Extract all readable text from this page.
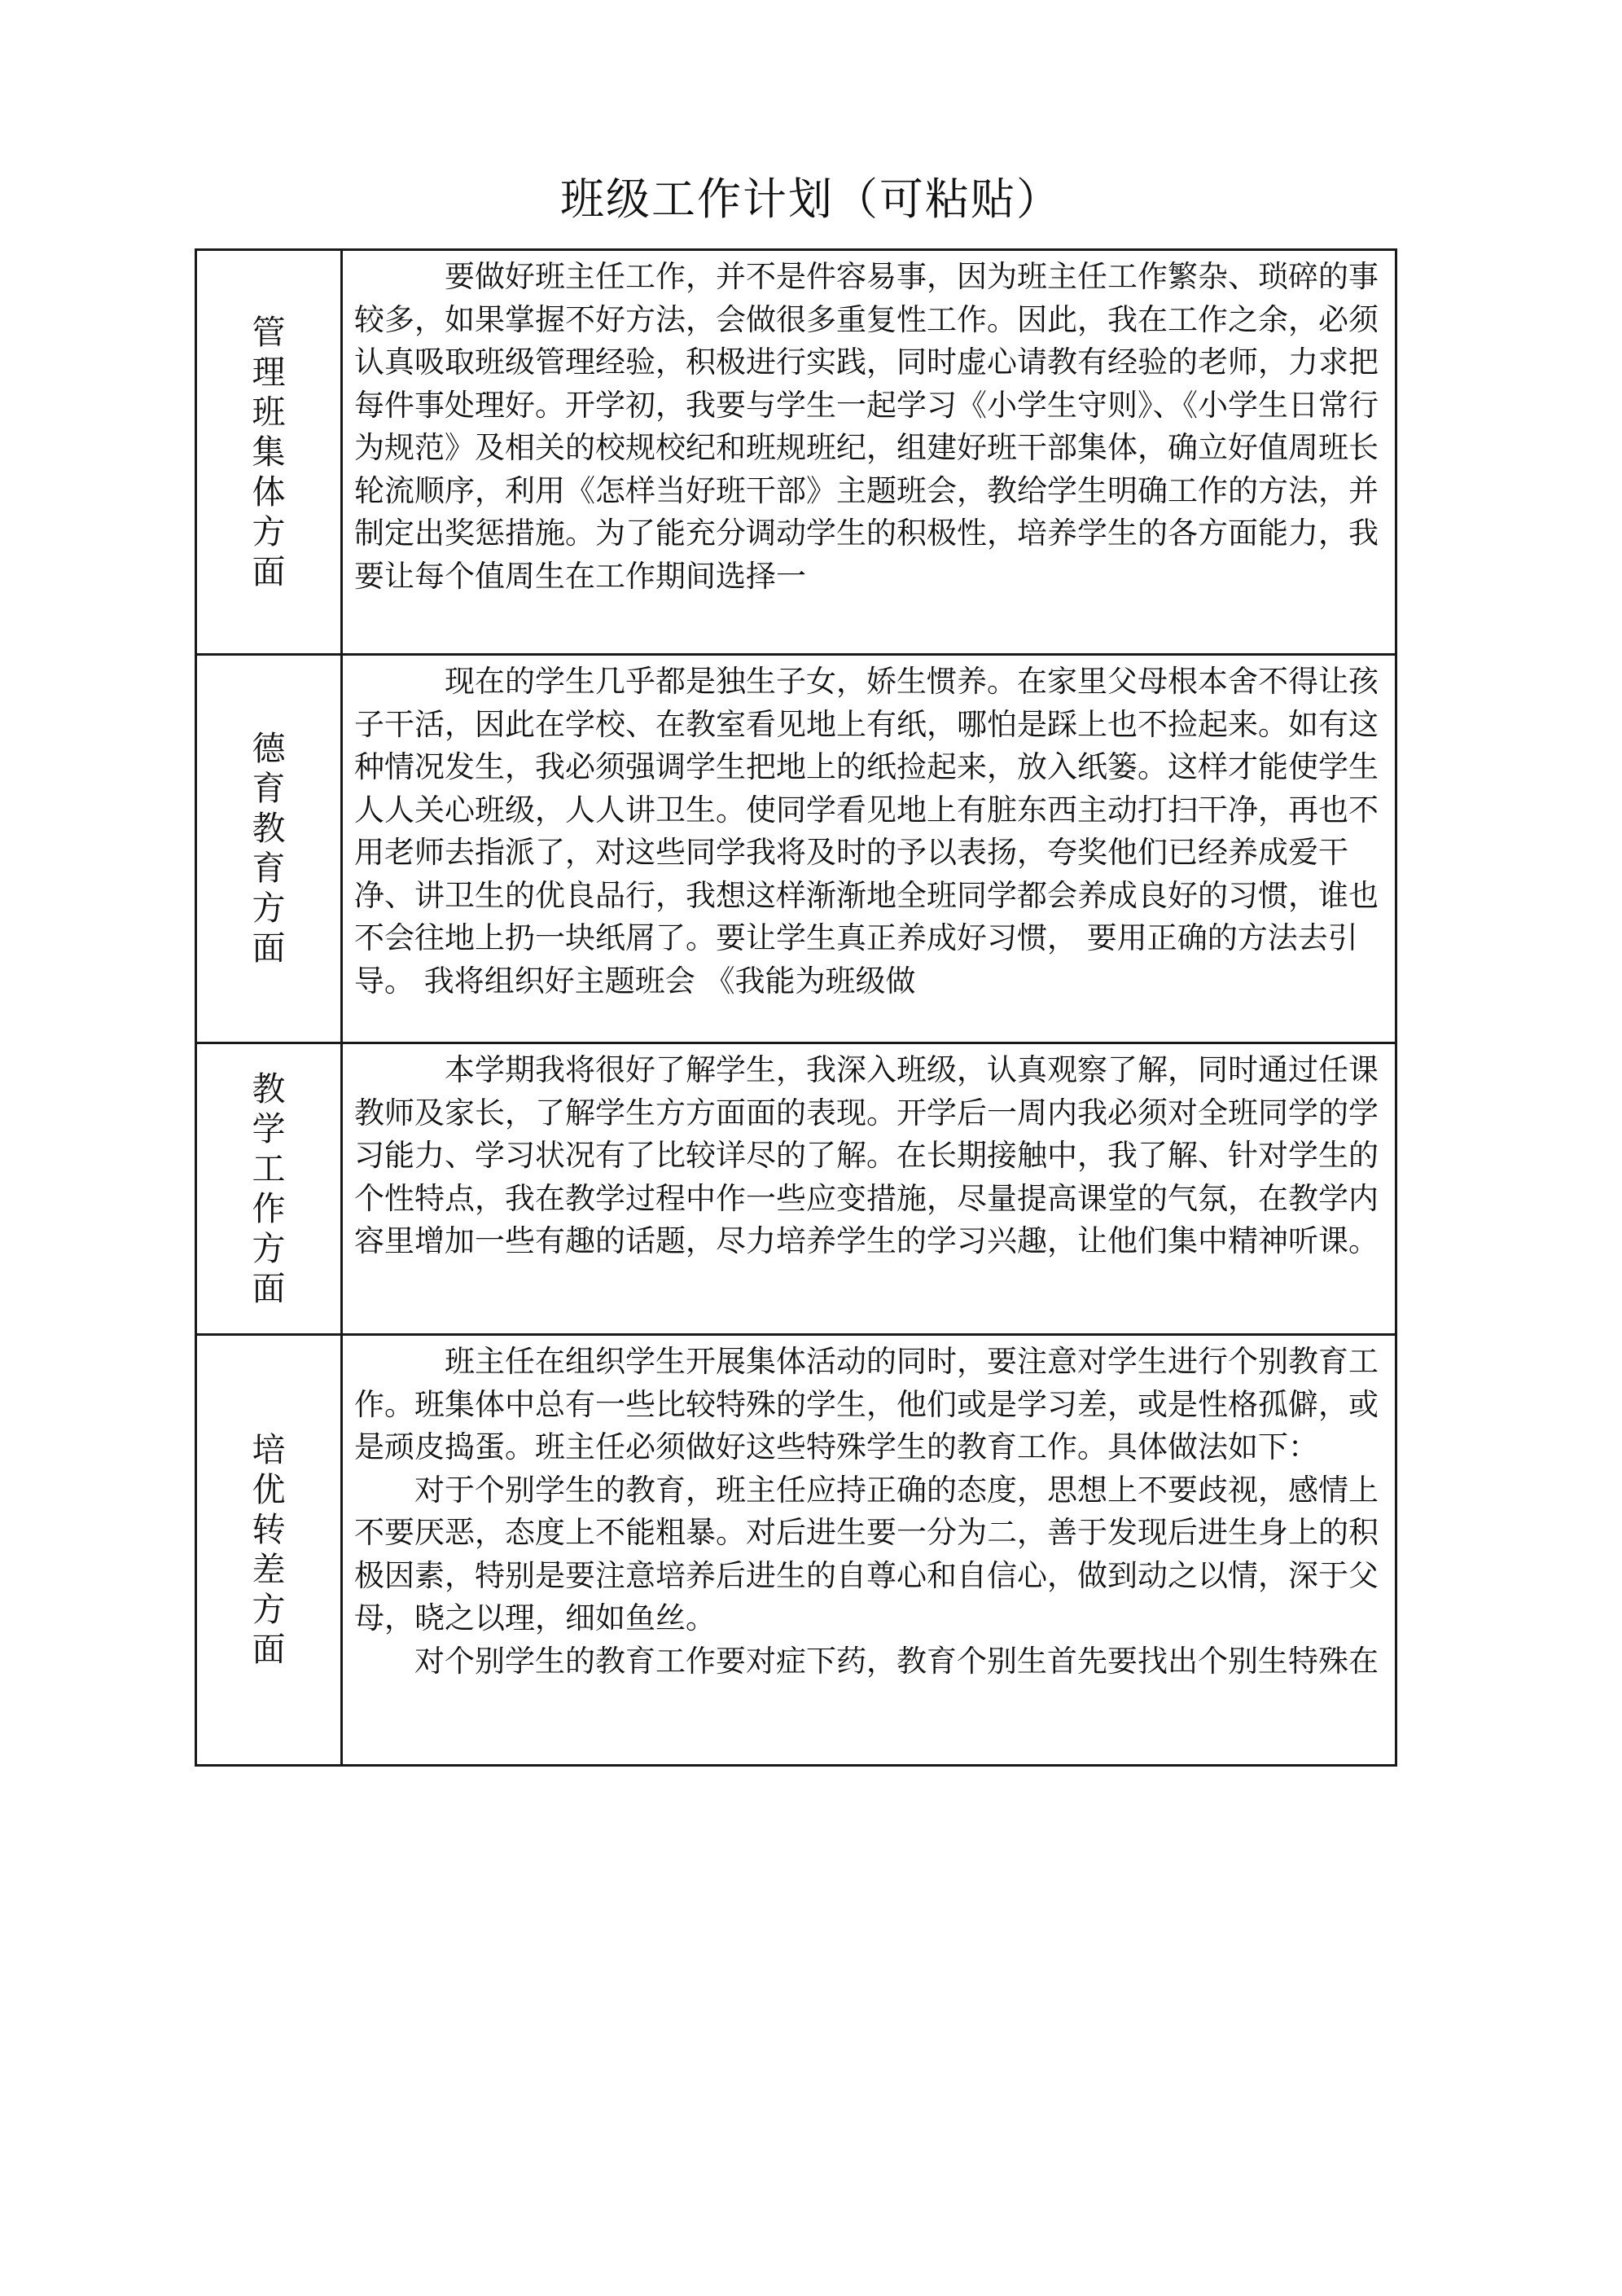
班级工作计划（可粘贴）
管理班集体方面	　　　要做好班主任工作，并不是件容易事，因为班主任工作繁杂、琐碎的事较多，如果掌握不好方法，会做很多重复性工作。因此，我在工作之余，必须认真吸取班级管理经验，积极进行实践，同时虚心请教有经验的老师，力求把每件事处理好。开学初，我要与学生一起学习《小学生守则》、《小学生日常行为规范》及相关的校规校纪和班规班纪，组建好班干部集体，确立好值周班长轮流顺序，利用《怎样当好班干部》主题班会，教给学生明确工作的方法，并制定出奖惩措施。为了能充分调动学生的积极性，培养学生的各方面能力，我要让每个值周生在工作期间选择一

德育教育方面	　　　现在的学生几乎都是独生子女，娇生惯养。在家里父母根本舍不得让孩子干活，因此在学校、在教室看见地上有纸，哪怕是踩上也不捡起来。如有这种情况发生，我必须强调学生把地上的纸捡起来，放入纸篓。这样才能使学生人人关心班级，人人讲卫生。使同学看见地上有脏东西主动打扫干净，再也不用老师去指派了，对这些同学我将及时的予以表扬，夸奖他们已经养成爱干净、讲卫生的优良品行，我想这样渐渐地全班同学都会养成良好的习惯，谁也不会往地上扔一块纸屑了。要让学生真正养成好习惯， 要用正确的方法去引导。 我将组织好主题班会 《我能为班级做

教学工作方面	　　　本学期我将很好了解学生，我深入班级，认真观察了解，同时通过任课教师及家长，了解学生方方面面的表现。开学后一周内我必须对全班同学的学习能力、学习状况有了比较详尽的了解。在长期接触中，我了解、针对学生的个性特点，我在教学过程中作一些应变措施，尽量提高课堂的气氛，在教学内容里增加一些有趣的话题，尽力培养学生的学习兴趣，让他们集中精神听课。

培优转差方面	　　　班主任在组织学生开展集体活动的同时，要注意对学生进行个别教育工作。班集体中总有一些比较特殊的学生，他们或是学习差，或是性格孤僻，或是顽皮捣蛋。班主任必须做好这些特殊学生的教育工作。具体做法如下：

　　对于个别学生的教育，班主任应持正确的态度，思想上不要歧视，感情上不要厌恶，态度上不能粗暴。对后进生要一分为二，善于发现后进生身上的积极因素，特别是要注意培养后进生的自尊心和自信心，做到动之以情，深于父母，晓之以理，细如鱼丝。

　　对个别学生的教育工作要对症下药，教育个别生首先要找出个别生特殊在
